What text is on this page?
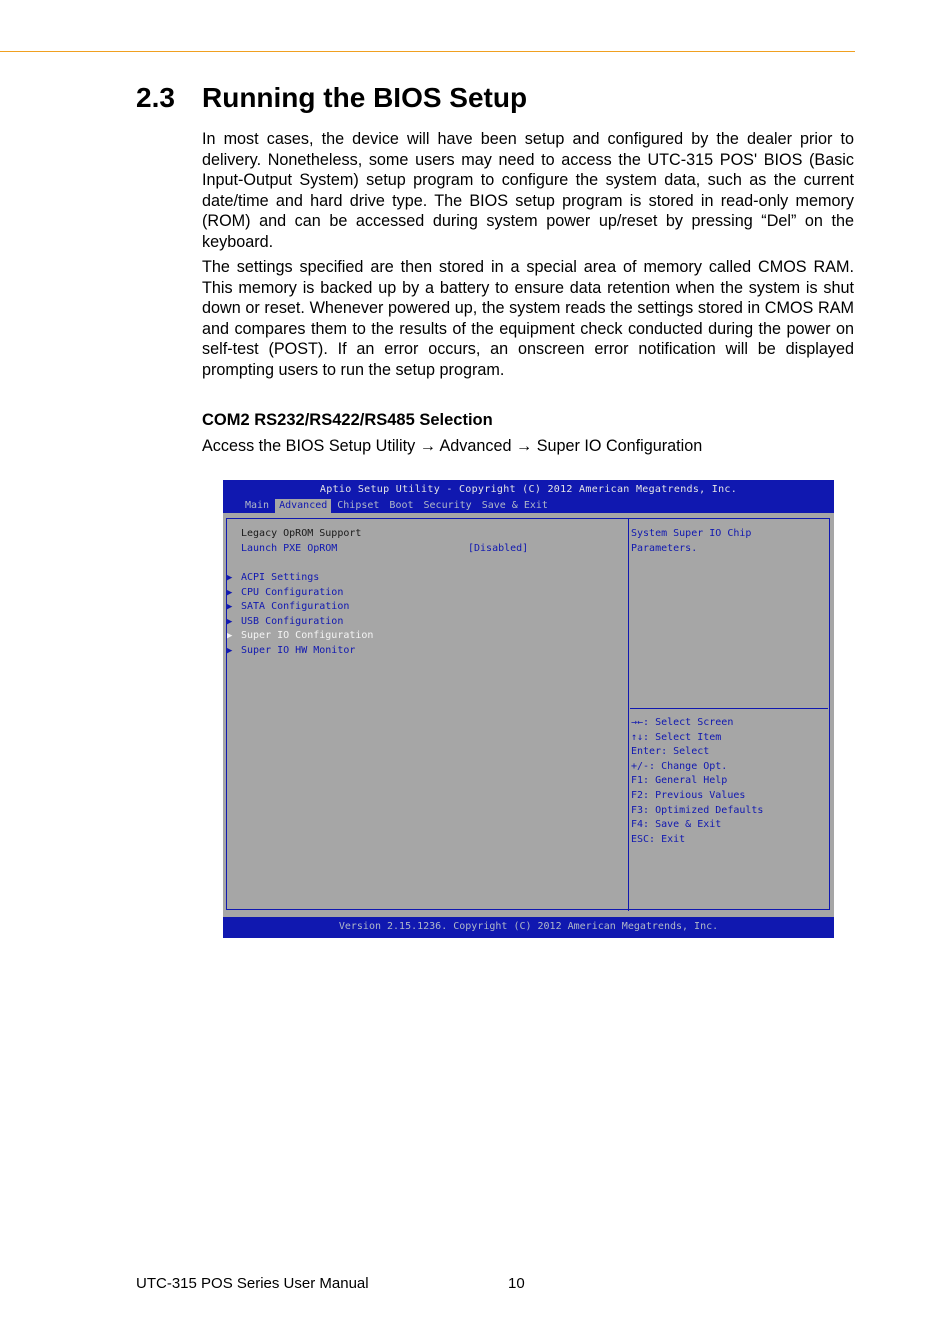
2.3 Running the BIOS Setup

In most cases, the device will have been setup and configured by the dealer prior to delivery. Nonetheless, some users may need to access the UTC-315 POS' BIOS (Basic Input-Output System) setup program to configure the system data, such as the current date/time and hard drive type. The BIOS setup program is stored in read-only memory (ROM) and can be accessed during system power up/reset by pressing “Del” on the keyboard.

The settings specified are then stored in a special area of memory called CMOS RAM. This memory is backed up by a battery to ensure data retention when the system is shut down or reset. Whenever powered up, the system reads the settings stored in CMOS RAM and compares them to the results of the equipment check conducted during the power on self-test (POST). If an error occurs, an onscreen error notification will be displayed prompting users to run the setup program.

COM2 RS232/RS422/RS485 Selection
Access the BIOS Setup Utility → Advanced → Super IO Configuration
Aptio Setup Utility - Copyright (C) 2012 American Megatrends, Inc.
Main	Advanced	Chipset	Boot	Security	Save & Exit
Legacy OpROM Support
Launch PXE OpROM	[Disabled]
▶ ACPI Settings
▶ CPU Configuration
▶ SATA Configuration
▶ USB Configuration
▶ Super IO Configuration
▶ Super IO HW Monitor
System Super IO Chip
Parameters.
→←: Select Screen
↑↓: Select Item
Enter: Select
+/-: Change Opt.
F1: General Help
F2: Previous Values
F3: Optimized Defaults
F4: Save & Exit
ESC: Exit
Version 2.15.1236. Copyright (C) 2012 American Megatrends, Inc.
UTC-315 POS Series User Manual	10
